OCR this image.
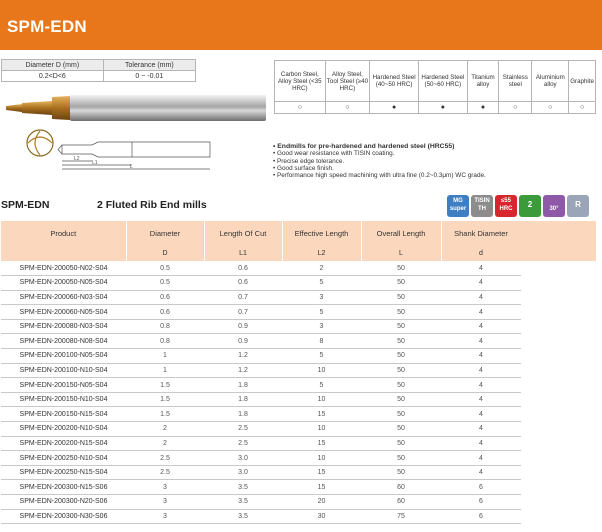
SPM-EDN
Diameter D (mm)	Tolerance (mm)
0.2<D<6	0 ~ -0.01
L2
L1
L
Carbon Steel, Alloy Steel (<35 HRC)	Alloy Steel, Tool Steel (≥40 HRC)	Hardened Steel (40~50 HRC)	Hardened Steel (50~60 HRC)	Titanium alloy	Stainless steel	Aluminium alloy	Graphite
○	○	●	●	●	○	○	○
• Endmills for pre-hardened and hardened steel (HRC55)
• Good wear resistance with TISIN coating.
• Precise edge tolerance.
• Good surface finish.
• Performance high speed machining with ultra fine (0.2~0.3μm) WC grade.
SPM-EDN	2 Fluted Rib End mills	MG
super
TISIN
TH
≤55
HRC	2	30°	R
Product	Diameter	Length Of Cut	Effective Length	Overall Length	Shank Diameter
	D	L1	L2	L	d
SPM-EDN-200050-N02-S04	0.5	0.6	2	50	4
SPM-EDN-200050-N05-S04	0.5	0.6	5	50	4
SPM-EDN-200060-N03-S04	0.6	0.7	3	50	4
SPM-EDN-200060-N05-S04	0.6	0.7	5	50	4
SPM-EDN-200080-N03-S04	0.8	0.9	3	50	4
SPM-EDN-200080-N08-S04	0.8	0.9	8	50	4
SPM-EDN-200100-N05-S04	1	1.2	5	50	4
SPM-EDN-200100-N10-S04	1	1.2	10	50	4
SPM-EDN-200150-N05-S04	1.5	1.8	5	50	4
SPM-EDN-200150-N10-S04	1.5	1.8	10	50	4
SPM-EDN-200150-N15-S04	1.5	1.8	15	50	4
SPM-EDN-200200-N10-S04	2	2.5	10	50	4
SPM-EDN-200200-N15-S04	2	2.5	15	50	4
SPM-EDN-200250-N10-S04	2.5	3.0	10	50	4
SPM-EDN-200250-N15-S04	2.5	3.0	15	50	4
SPM-EDN-200300-N15-S06	3	3.5	15	60	6
SPM-EDN-200300-N20-S06	3	3.5	20	60	6
SPM-EDN-200300-N30-S06	3	3.5	30	75	6
